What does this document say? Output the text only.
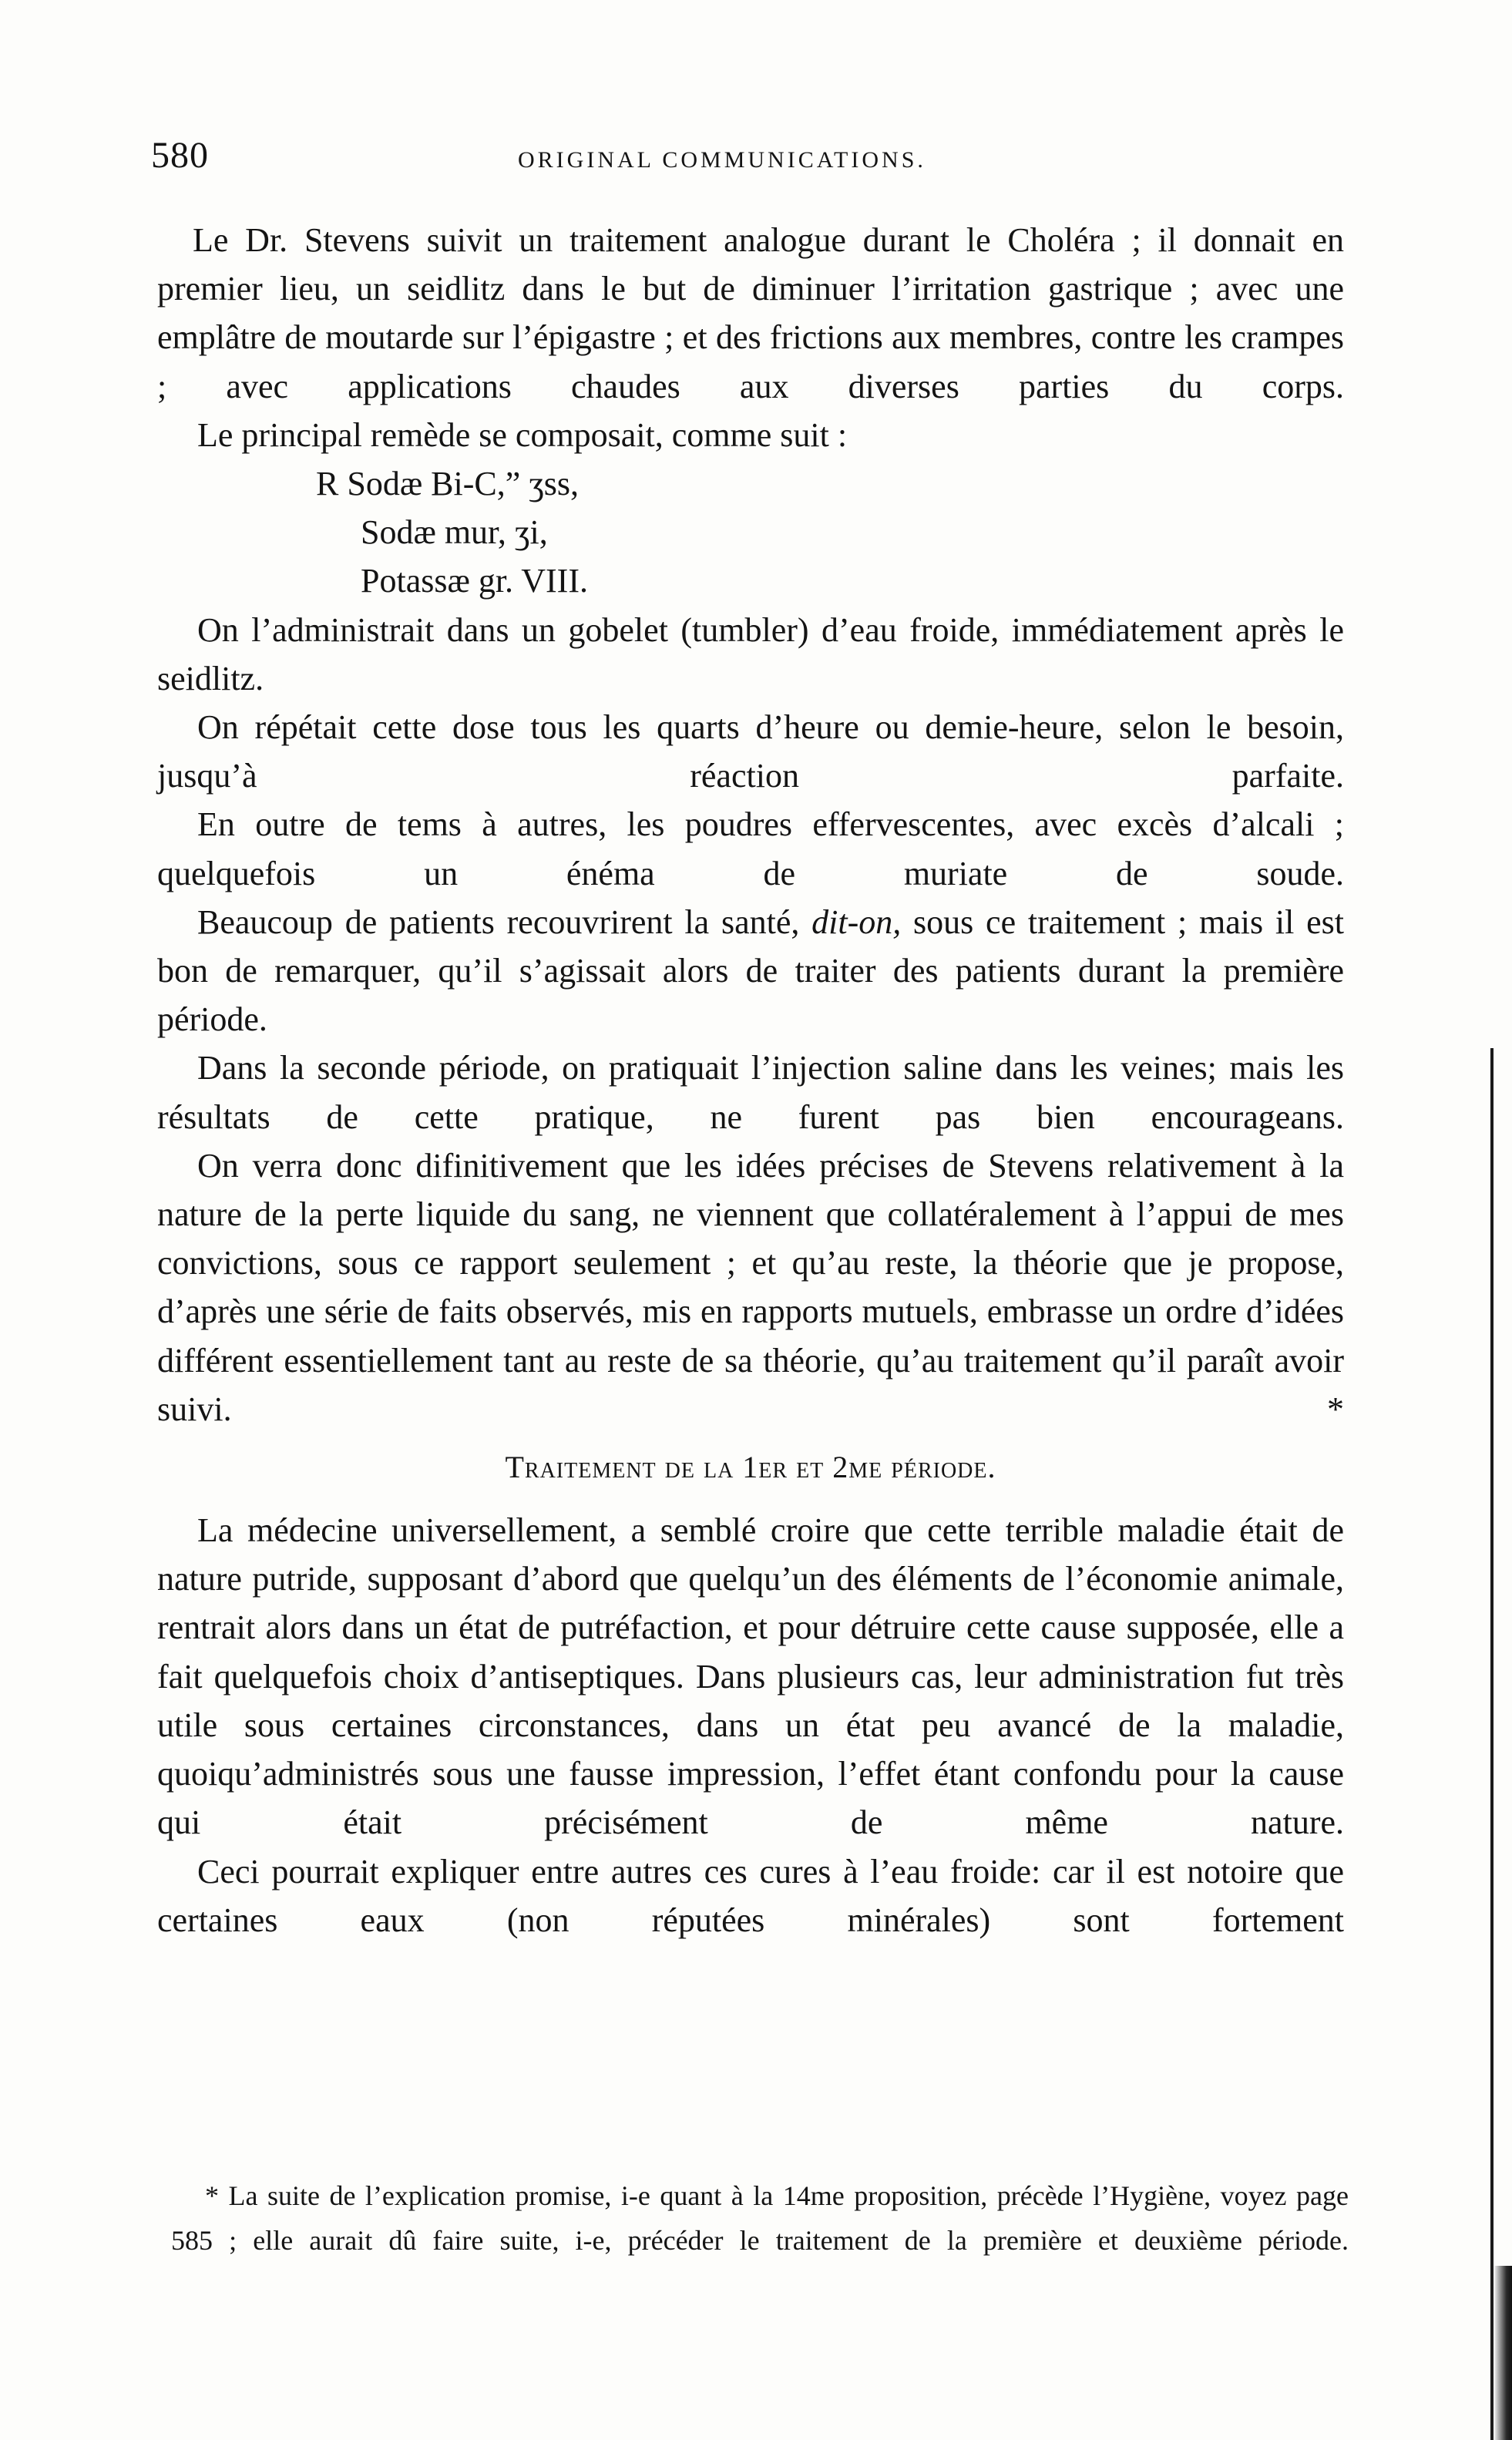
580	ORIGINAL COMMUNICATIONS.

Le Dr. Stevens suivit un traitement analogue durant le Choléra ; il donnait en premier lieu, un seidlitz dans le but de diminuer l’irritation gastrique ; avec une emplâtre de moutarde sur l’épigastre ; et des frictions aux membres, contre les crampes ; avec applications chaudes aux diverses parties du corps.

Le principal remède se composait, comme suit :

R Sodæ Bi-C,” ʒss,

Sodæ mur, ʒi,

Potassæ gr. VIII.

On l’administrait dans un gobelet (tumbler) d’eau froide, immédiatement après le seidlitz.

On répétait cette dose tous les quarts d’heure ou demie-heure, selon le besoin, jusqu’à réaction parfaite.

En outre de tems à autres, les poudres effervescentes, avec excès d’alcali ; quelquefois un énéma de muriate de soude.

Beaucoup de patients recouvrirent la santé, dit-on, sous ce traitement ; mais il est bon de remarquer, qu’il s’agissait alors de traiter des patients durant la première période.

Dans la seconde période, on pratiquait l’injection saline dans les veines; mais les résultats de cette pratique, ne furent pas bien encourageans.

On verra donc difinitivement que les idées précises de Stevens relativement à la nature de la perte liquide du sang, ne viennent que collatéralement à l’appui de mes convictions, sous ce rapport seulement ; et qu’au reste, la théorie que je propose, d’après une série de faits observés, mis en rapports mutuels, embrasse un ordre d’idées différent essentiellement tant au reste de sa théorie, qu’au traitement qu’il paraît avoir suivi. *

Traitement de la 1er et 2me période.

La médecine universellement, a semblé croire que cette terrible maladie était de nature putride, supposant d’abord que quelqu’un des éléments de l’économie animale, rentrait alors dans un état de putréfaction, et pour détruire cette cause supposée, elle a fait quelquefois choix d’antiseptiques. Dans plusieurs cas, leur administration fut très utile sous certaines circonstances, dans un état peu avancé de la maladie, quoiqu’administrés sous une fausse impression, l’effet étant confondu pour la cause qui était précisément de même nature.

Ceci pourrait expliquer entre autres ces cures à l’eau froide: car il est notoire que certaines eaux (non réputées minérales) sont fortement

* La suite de l’explication promise, i-e quant à la 14me proposition, précède l’Hygiène, voyez page 585 ; elle aurait dû faire suite, i-e, précéder le traitement de la première et deuxième période.
